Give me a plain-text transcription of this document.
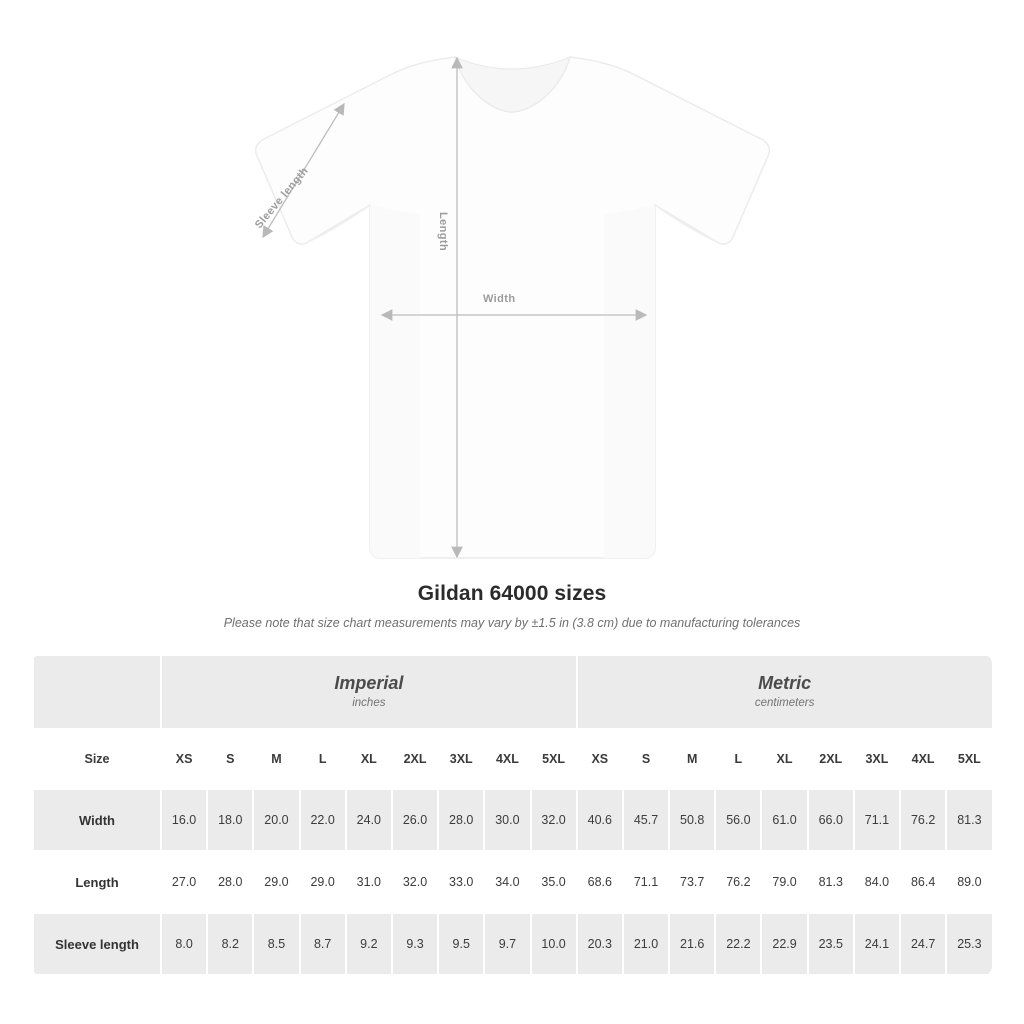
Width
Length
Sleeve length
Gildan 64000 sizes

Please note that size chart measurements may vary by ±1.5 in (3.8 cm) due to manufacturing tolerances

Imperial
inches

Metric
centimeters

Size	XS	S	M	L	XL	2XL	3XL	4XL	5XL	XS	S	M	L	XL	2XL	3XL	4XL	5XL
Width	16.0	18.0	20.0	22.0	24.0	26.0	28.0	30.0	32.0	40.6	45.7	50.8	56.0	61.0	66.0	71.1	76.2	81.3
Length	27.0	28.0	29.0	29.0	31.0	32.0	33.0	34.0	35.0	68.6	71.1	73.7	76.2	79.0	81.3	84.0	86.4	89.0
Sleeve length	8.0	8.2	8.5	8.7	9.2	9.3	9.5	9.7	10.0	20.3	21.0	21.6	22.2	22.9	23.5	24.1	24.7	25.3
